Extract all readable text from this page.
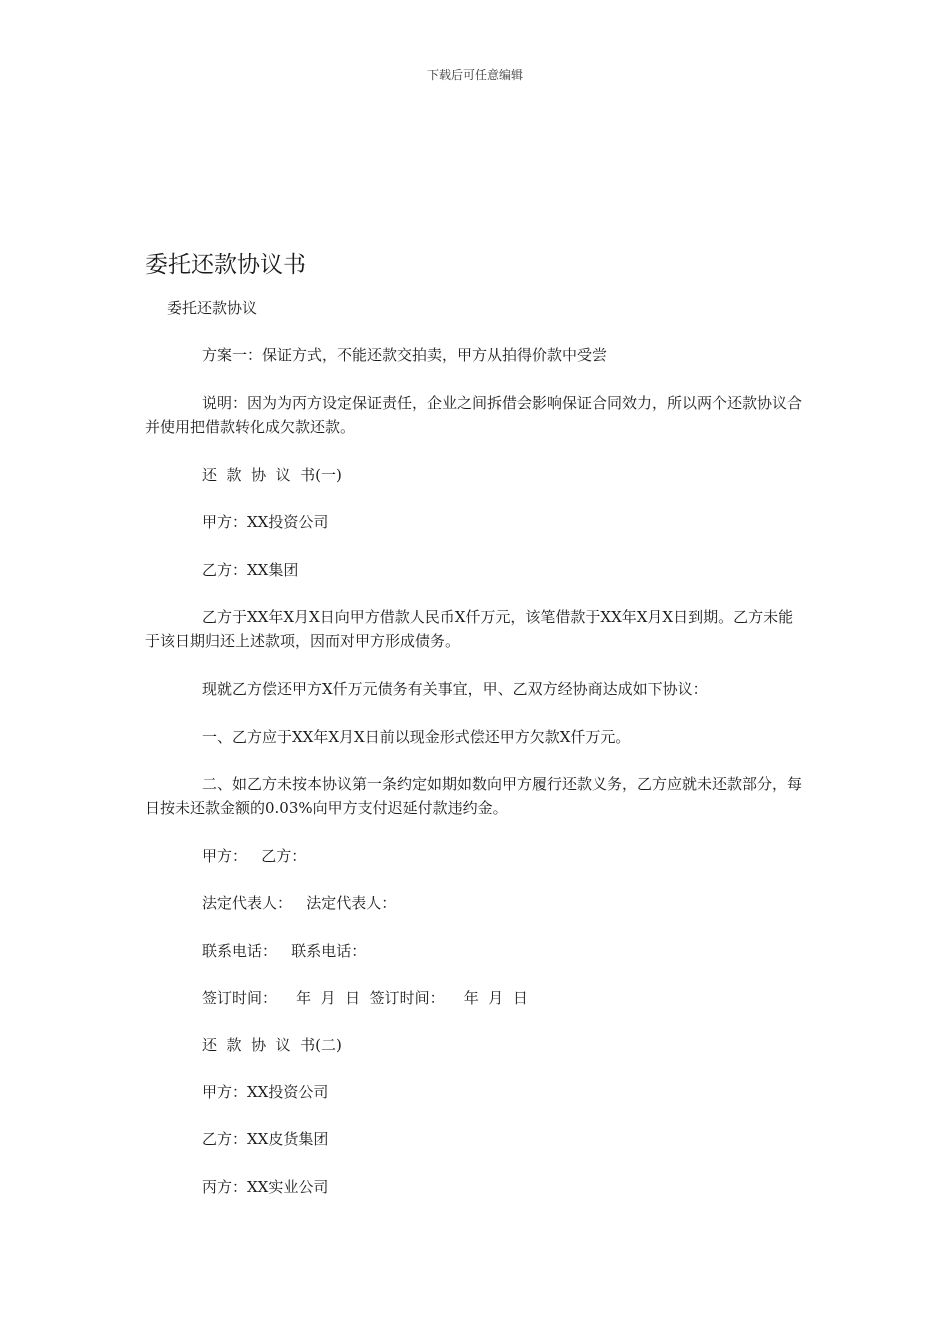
下载后可任意编辑
委托还款协议书
委托还款协议
方案一：保证方式，不能还款交拍卖，甲方从拍得价款中受尝
说明：因为为丙方设定保证责任，企业之间拆借会影响保证合同效力，所以两个还款协议合并使用把借款转化成欠款还款。
还  款  协  议  书(一)
甲方：XX投资公司
乙方：XX集团
乙方于XX年X月X日向甲方借款人民币X仟万元，该笔借款于XX年X月X日到期。乙方未能于该日期归还上述款项，因而对甲方形成债务。
现就乙方偿还甲方X仟万元债务有关事宜，甲、乙双方经协商达成如下协议：
一、乙方应于XX年X月X日前以现金形式偿还甲方欠款X仟万元。
二、如乙方未按本协议第一条约定如期如数向甲方履行还款义务，乙方应就未还款部分，每日按未还款金额的0.03%向甲方支付迟延付款违约金。
甲方：   乙方：
法定代表人：   法定代表人：
联系电话：   联系电话：
签订时间：    年  月  日  签订时间：    年  月  日
还  款  协  议  书(二)
甲方：XX投资公司
乙方：XX皮货集团
丙方：XX实业公司
